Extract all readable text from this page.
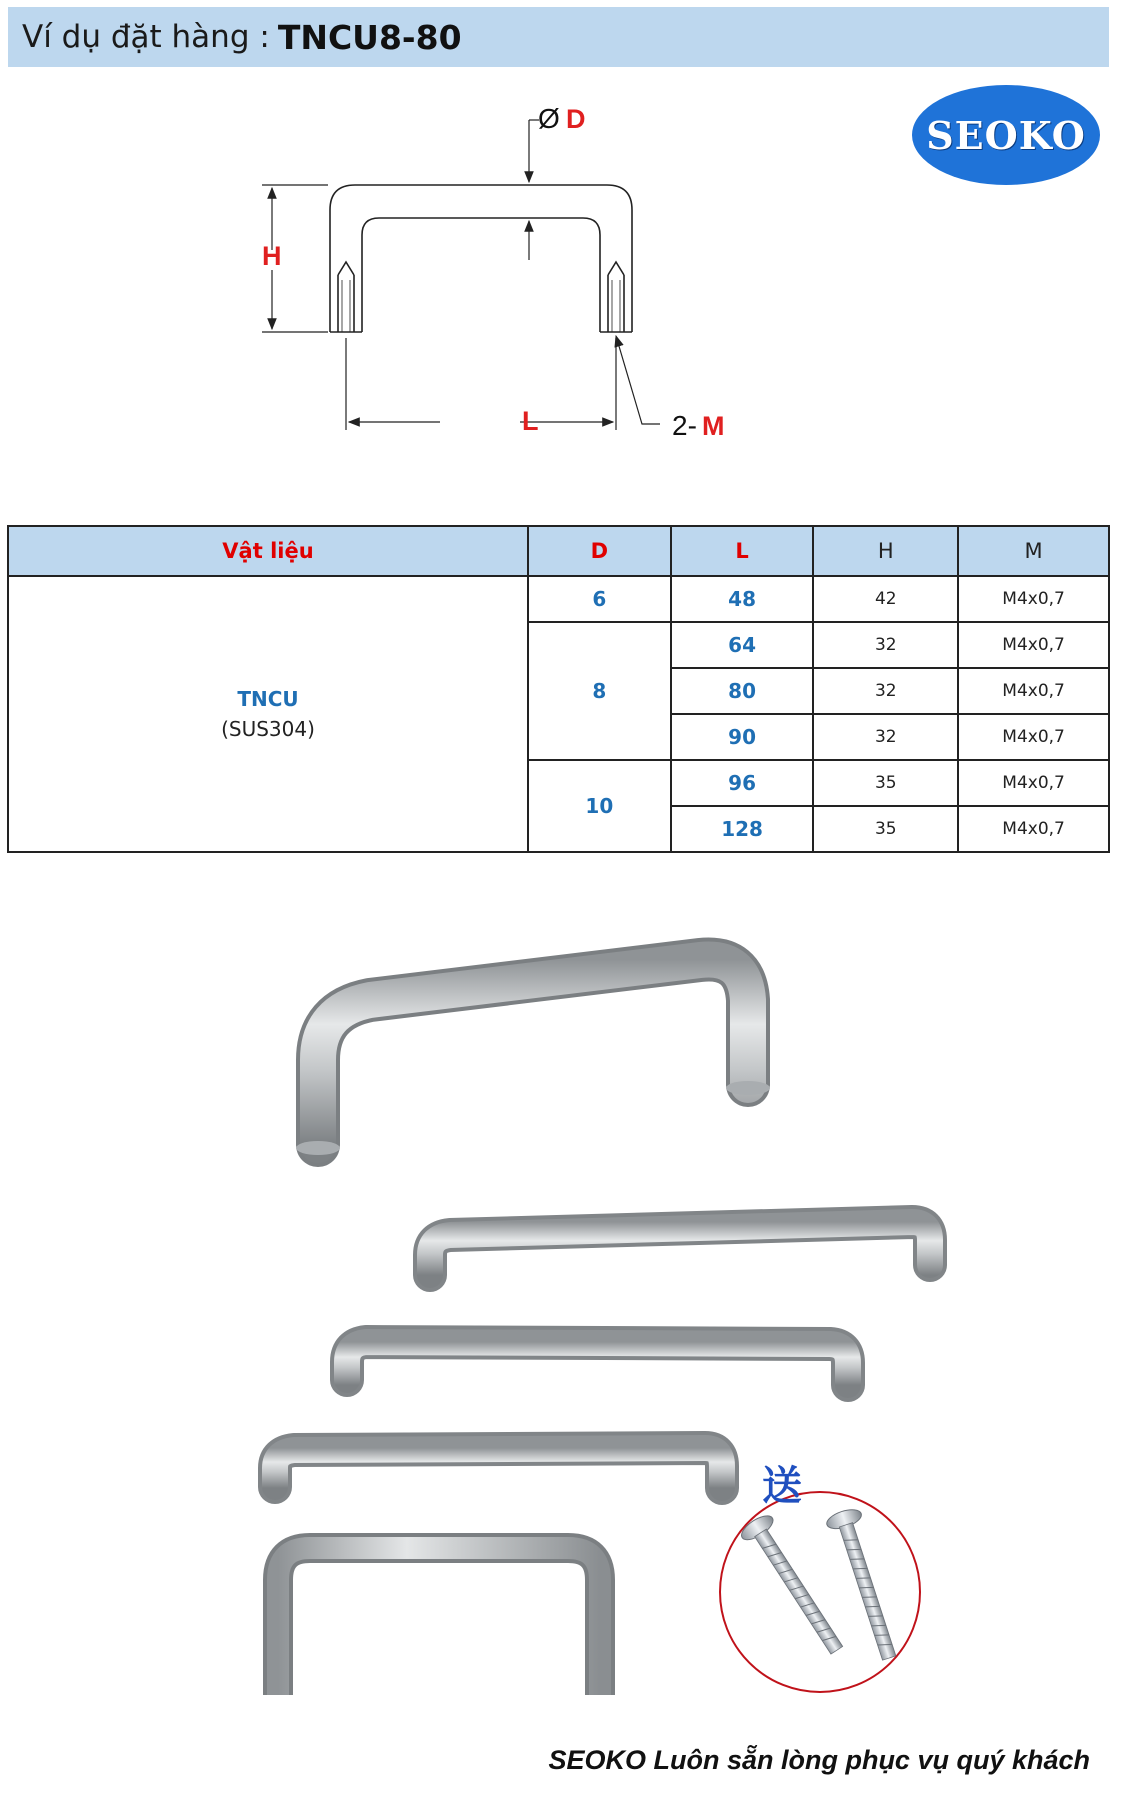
Ví dụ đặt hàng : TNCU8-80
SEOKO
Ø D
H
L	2- M
Vật liệu	D	L	H	M

TNCU
(SUS304)	6	48	42	M4x0,7
	8	64	32	M4x0,7
		80	32	M4x0,7
		90	32	M4x0,7
	10	96	35	M4x0,7
		128	35	M4x0,7
送
SEOKO Luôn sẵn lòng phục vụ quý khách
